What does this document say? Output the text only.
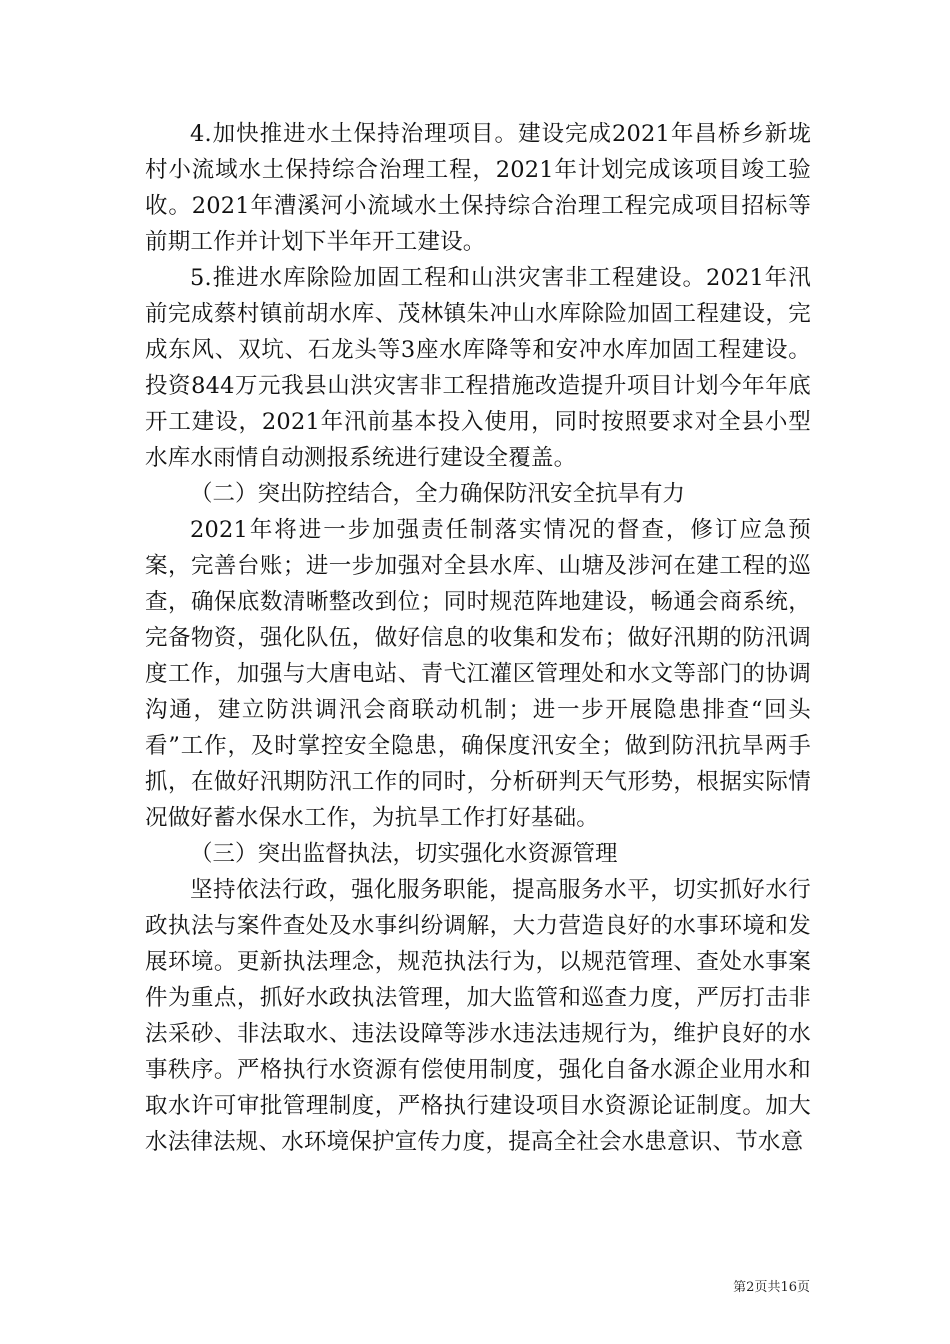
4.加快推进水土保持治理项目。建设完成2021年昌桥乡新垅村小流域水土保持综合治理工程，2021年计划完成该项目竣工验收。2021年漕溪河小流域水土保持综合治理工程完成项目招标等前期工作并计划下半年开工建设。

5.推进水库除险加固工程和山洪灾害非工程建设。2021年汛前完成蔡村镇前胡水库、茂林镇朱冲山水库除险加固工程建设，完成东风、双坑、石龙头等3座水库降等和安冲水库加固工程建设。投资844万元我县山洪灾害非工程措施改造提升项目计划今年年底开工建设，2021年汛前基本投入使用，同时按照要求对全县小型水库水雨情自动测报系统进行建设全覆盖。

（二）突出防控结合，全力确保防汛安全抗旱有力

2021年将进一步加强责任制落实情况的督查，修订应急预案，完善台账；进一步加强对全县水库、山塘及涉河在建工程的巡查，确保底数清晰整改到位；同时规范阵地建设，畅通会商系统，完备物资，强化队伍，做好信息的收集和发布；做好汛期的防汛调度工作，加强与大唐电站、青弋江灌区管理处和水文等部门的协调沟通，建立防洪调汛会商联动机制；进一步开展隐患排查“回头看”工作，及时掌控安全隐患，确保度汛安全；做到防汛抗旱两手抓，在做好汛期防汛工作的同时，分析研判天气形势，根据实际情况做好蓄水保水工作，为抗旱工作打好基础。

（三）突出监督执法，切实强化水资源管理

坚持依法行政，强化服务职能，提高服务水平，切实抓好水行政执法与案件查处及水事纠纷调解，大力营造良好的水事环境和发展环境。更新执法理念，规范执法行为，以规范管理、查处水事案件为重点，抓好水政执法管理，加大监管和巡查力度，严厉打击非法采砂、非法取水、违法设障等涉水违法违规行为，维护良好的水事秩序。严格执行水资源有偿使用制度，强化自备水源企业用水和取水许可审批管理制度，严格执行建设项目水资源论证制度。加大水法律法规、水环境保护宣传力度，提高全社会水患意识、节水意

第2页共16页
